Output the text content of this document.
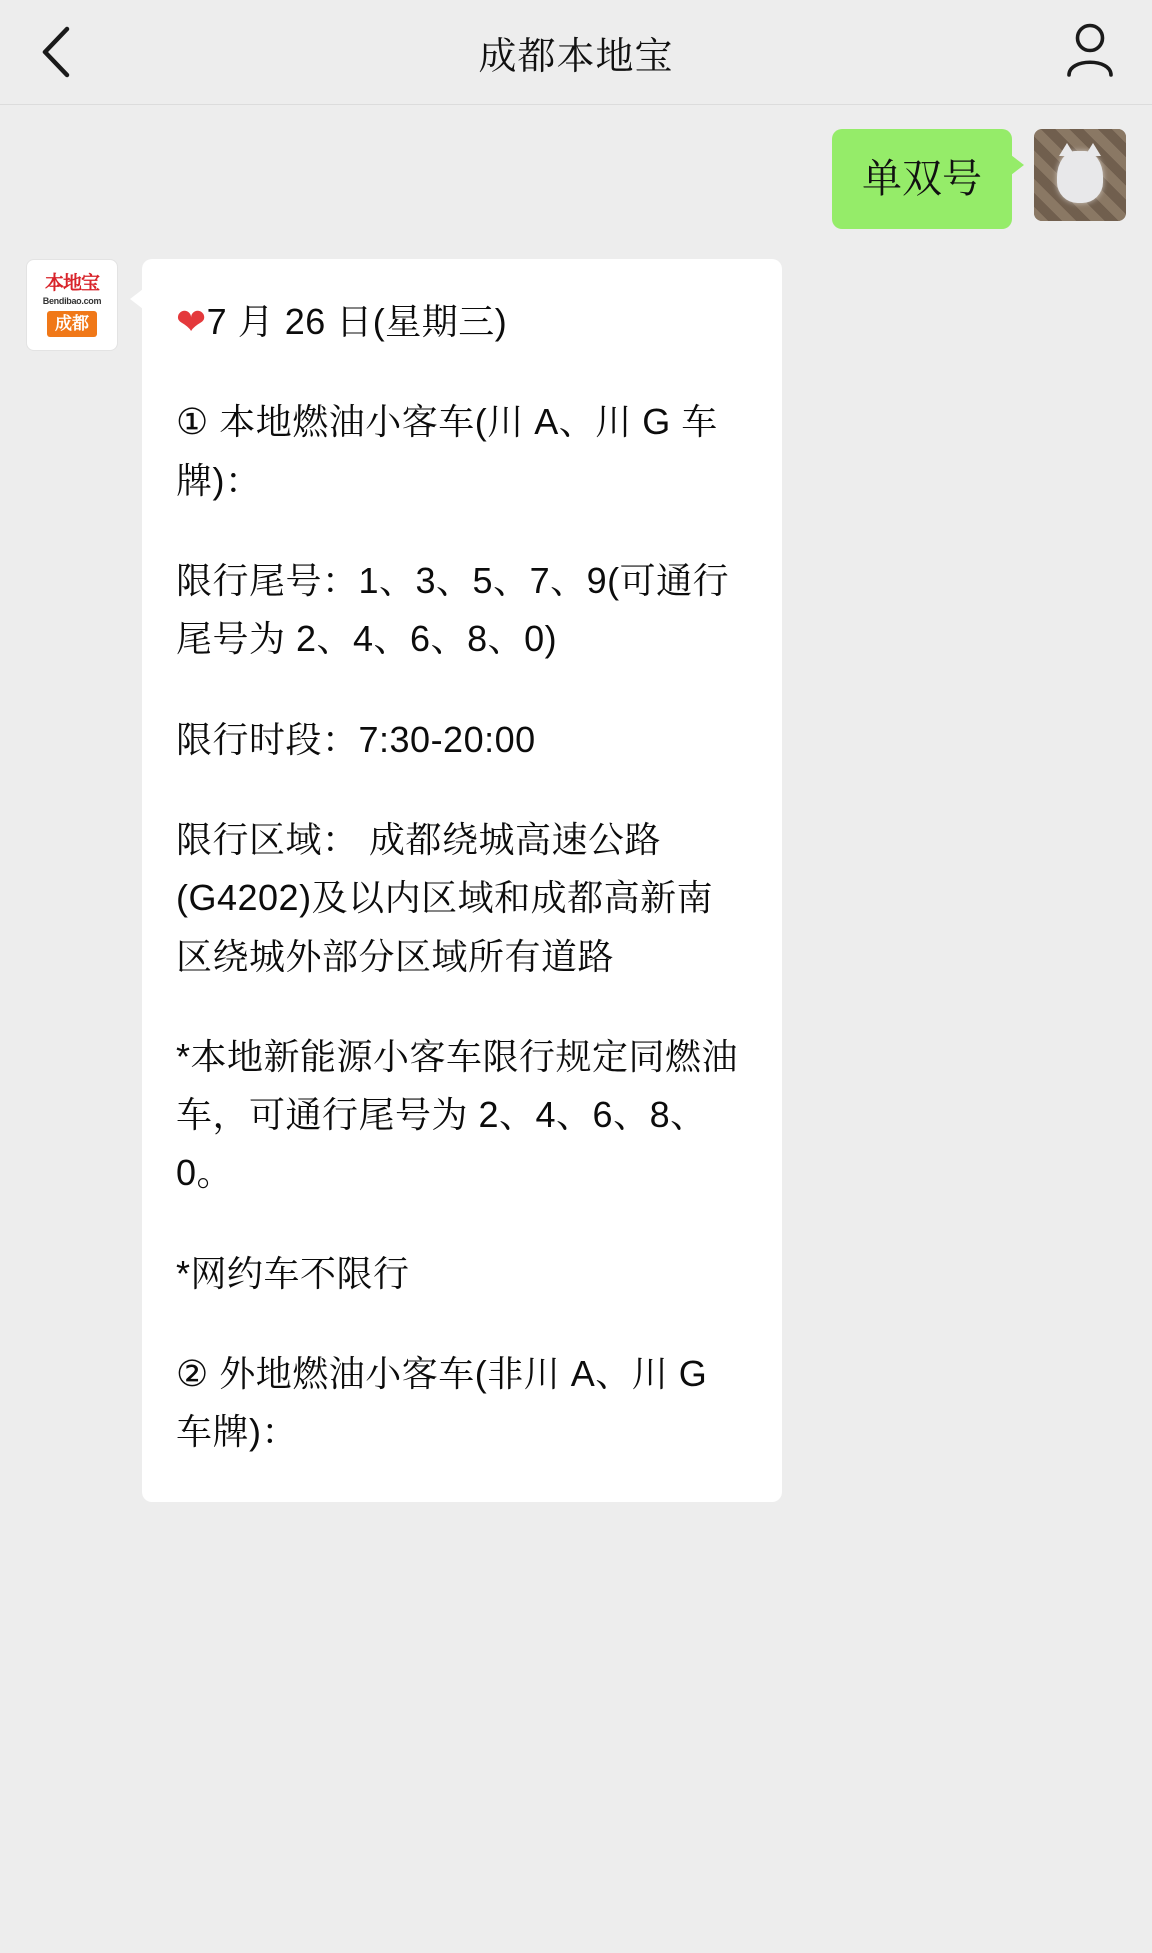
成都本地宝
单双号
本地宝
Bendibao.com
成都 ❤7 月 26 日(星期三)

① 本地燃油小客车(川 A、川 G 车牌)：

限行尾号：1、3、5、7、9(可通行尾号为 2、4、6、8、0)

限行时段：7:30-20:00

限行区域： 成都绕城高速公路(G4202)及以内区域和成都高新南区绕城外部分区域所有道路

*本地新能源小客车限行规定同燃油车，可通行尾号为 2、4、6、8、0。

*网约车不限行

② 外地燃油小客车(非川 A、川 G 车牌)：
